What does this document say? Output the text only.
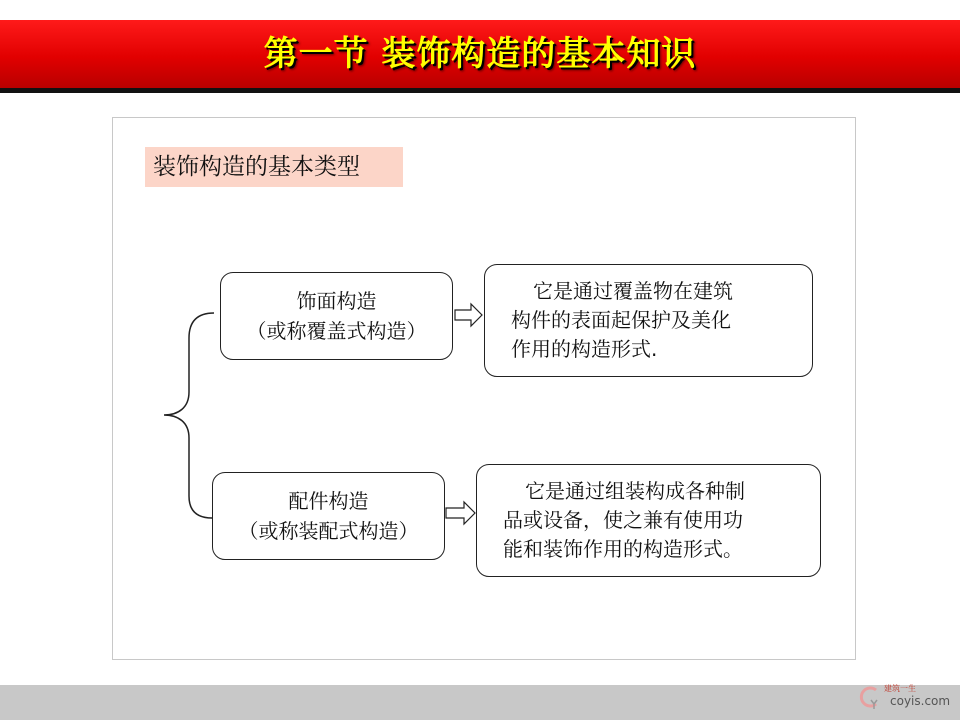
第一节 装饰构造的基本知识
装饰构造的基本类型
饰面构造
（或称覆盖式构造）
它是通过覆盖物在建筑
构件的表面起保护及美化
作用的构造形式.
配件构造
（或称装配式构造）
它是通过组装构成各种制
品或设备，使之兼有使用功
能和装饰作用的构造形式。
建筑一生
coyis.com
